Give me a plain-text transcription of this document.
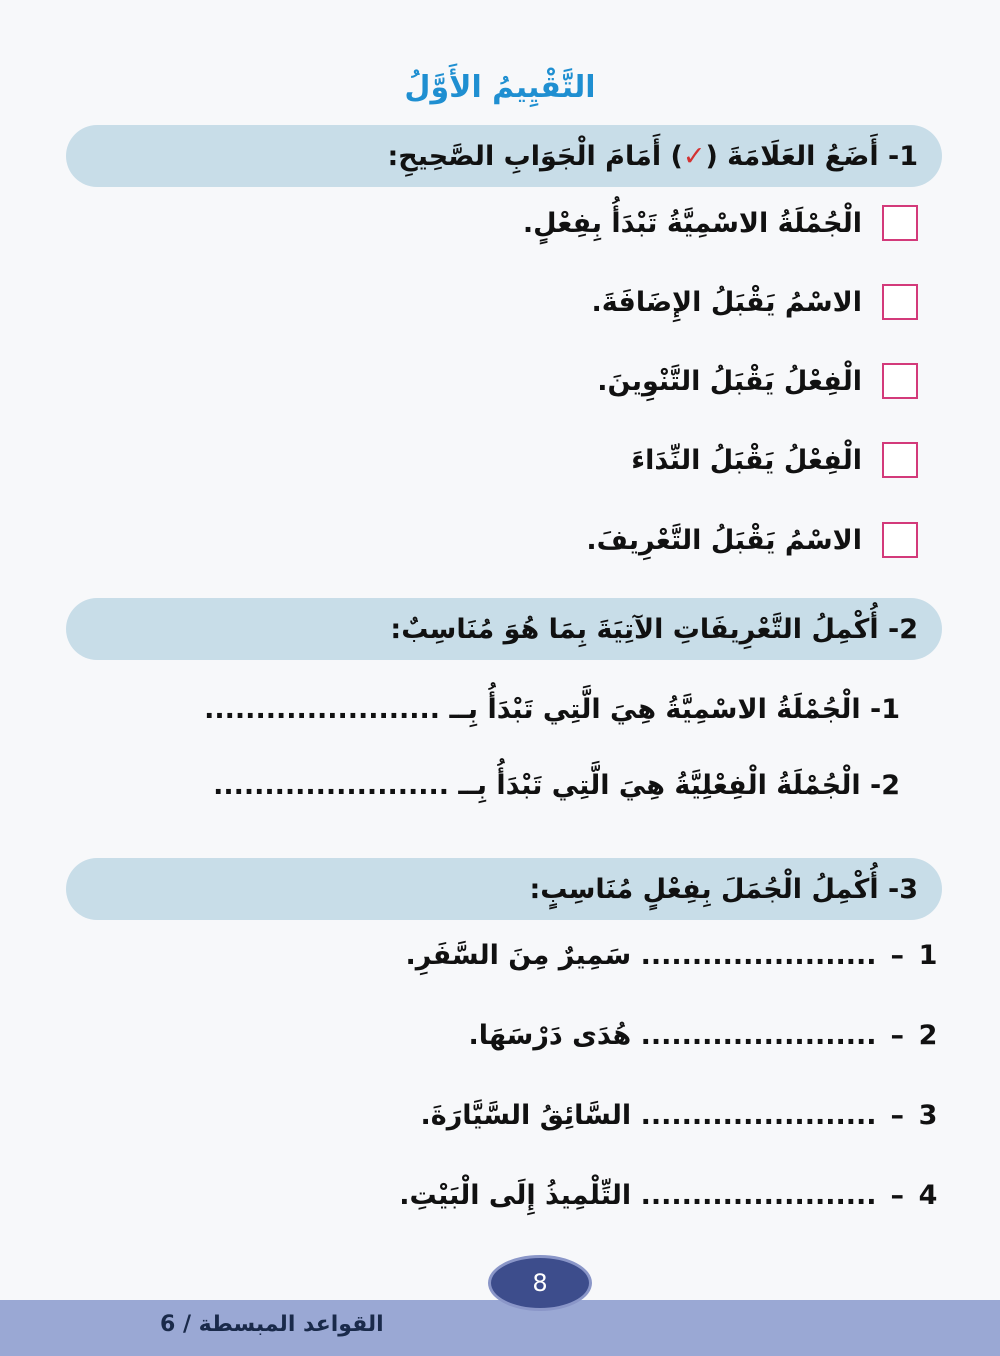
التَّقْيِيمُ الأَوَّلُ
1- أَضَعُ العَلَامَةَ (
✓
) أَمَامَ الْجَوَابِ الصَّحِيحِ:
الْجُمْلَةُ الاسْمِيَّةُ تَبْدَأُ بِفِعْلٍ.
الاسْمُ يَقْبَلُ الإِضَافَةَ.
الْفِعْلُ يَقْبَلُ التَّنْوِينَ.
الْفِعْلُ يَقْبَلُ النِّدَاءَ
الاسْمُ يَقْبَلُ التَّعْرِيفَ.
2- أُكْمِلُ التَّعْرِيفَاتِ الآتِيَةَ بِمَا هُوَ مُنَاسِبٌ:
1- الْجُمْلَةُ الاسْمِيَّةُ هِيَ الَّتِي تَبْدَأُ بِــ .......................
2- الْجُمْلَةُ الْفِعْلِيَّةُ هِيَ الَّتِي تَبْدَأُ بِــ .......................
3- أُكْمِلُ الْجُمَلَ بِفِعْلٍ مُنَاسِبٍ:
1
–
....................... سَمِيرٌ مِنَ السَّفَرِ.
2
–
....................... هُدَى دَرْسَهَا.
3
–
....................... السَّائِقُ السَّيَّارَةَ.
4
–
....................... التِّلْمِيذُ إِلَى الْبَيْتِ.
8
القواعد المبسطة / 6
